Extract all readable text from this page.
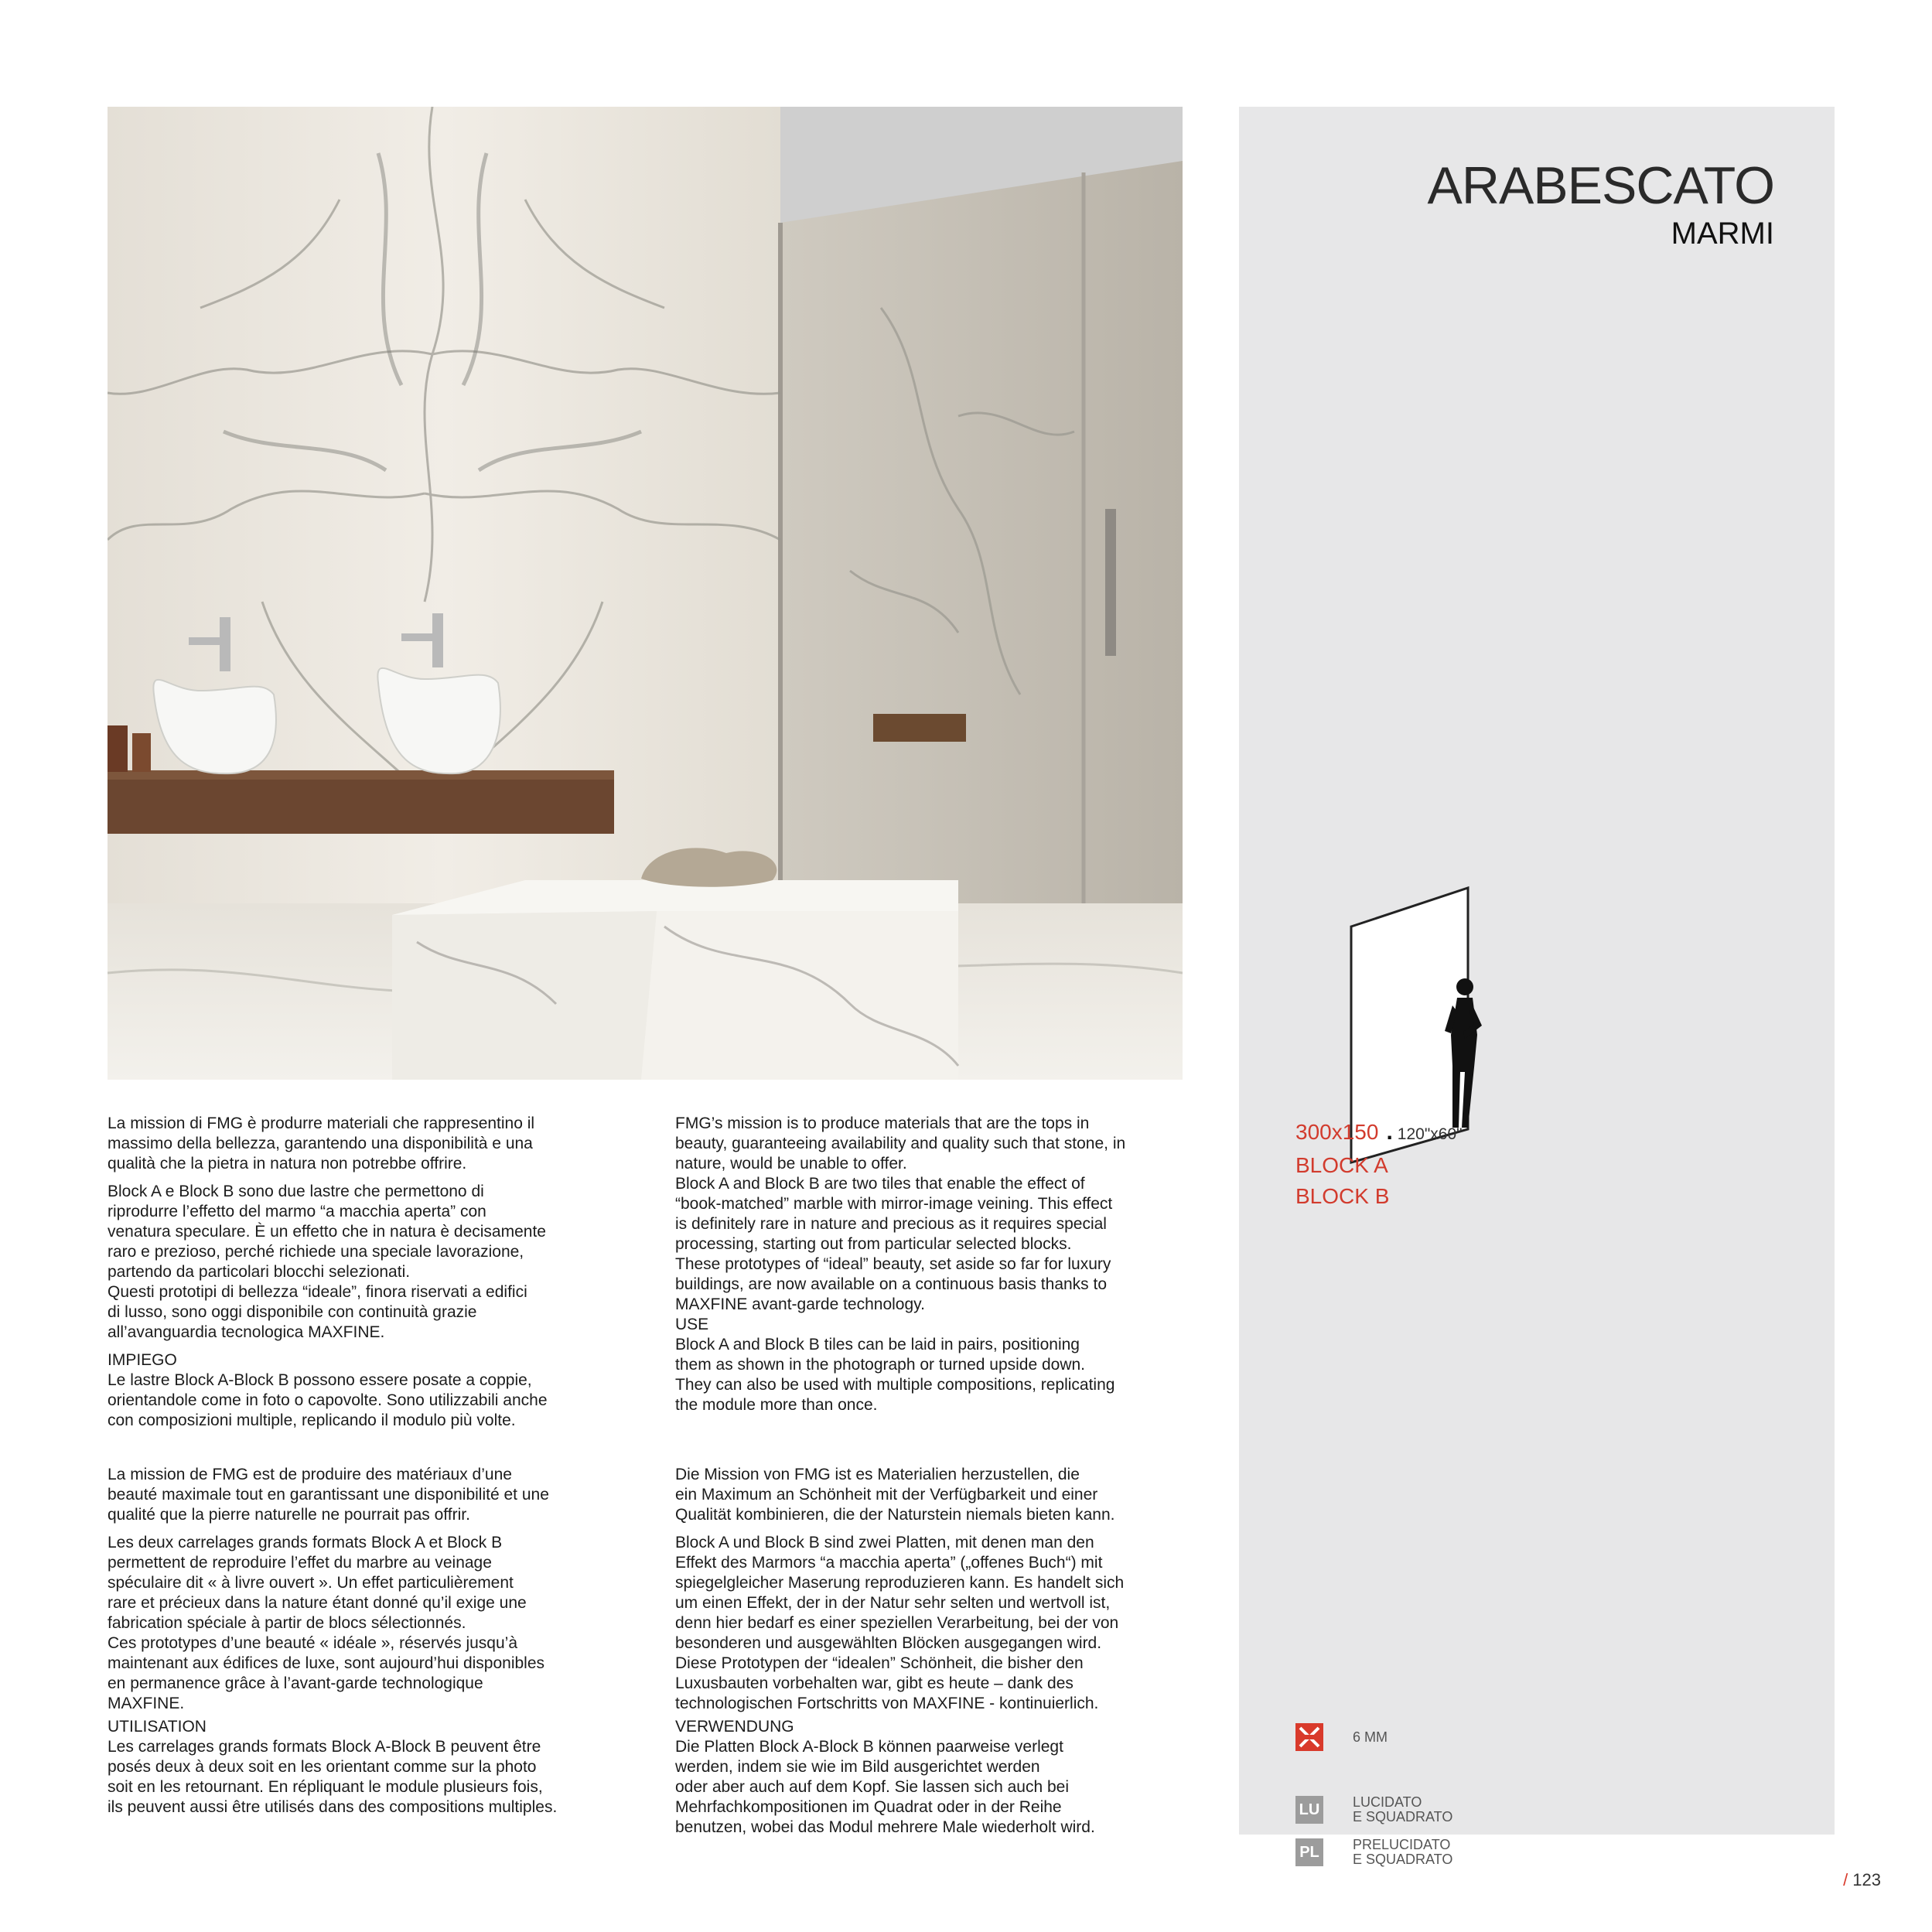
ARABESCATO
MARMI
300x150 . 120"x60"
BLOCK A
BLOCK B
6 MM
LU LUCIDATO
E SQUADRATO
PL PRELUCIDATO
E SQUADRATO

La mission di FMG è produrre materiali che rappresentino il
massimo della bellezza, garantendo una disponibilità e una
qualità che la pietra in natura non potrebbe offrire.

Block A e Block B sono due lastre che permettono di
riprodurre l’effetto del marmo “a macchia aperta” con
venatura speculare. È un effetto che in natura è decisamente
raro e prezioso, perché richiede una speciale lavorazione,
partendo da particolari blocchi selezionati.
Questi prototipi di bellezza “ideale”, finora riservati a edifici
di lusso, sono oggi disponibile con continuità grazie
all’avanguardia tecnologica MAXFINE.

IMPIEGO

Le lastre Block A-Block B possono essere posate a coppie,
orientandole come in foto o capovolte. Sono utilizzabili anche
con composizioni multiple, replicando il modulo più volte.

FMG’s mission is to produce materials that are the tops in
beauty, guaranteeing availability and quality such that stone, in
nature, would be unable to offer.
Block A and Block B are two tiles that enable the effect of
“book-matched” marble with mirror-image veining. This effect
is definitely rare in nature and precious as it requires special
processing, starting out from particular selected blocks.
These prototypes of “ideal” beauty, set aside so far for luxury
buildings, are now available on a continuous basis thanks to
MAXFINE avant-garde technology.

USE

Block A and Block B tiles can be laid in pairs, positioning
them as shown in the photograph or turned upside down.
They can also be used with multiple compositions, replicating
the module more than once.

La mission de FMG est de produire des matériaux d’une
beauté maximale tout en garantissant une disponibilité et une
qualité que la pierre naturelle ne pourrait pas offrir.

Les deux carrelages grands formats Block A et Block B
permettent de reproduire l’effet du marbre au veinage
spéculaire dit « à livre ouvert ». Un effet particulièrement
rare et précieux dans la nature étant donné qu’il exige une
fabrication spéciale à partir de blocs sélectionnés.
Ces prototypes d’une beauté « idéale », réservés jusqu’à
maintenant aux édifices de luxe, sont aujourd’hui disponibles
en permanence grâce à l’avant-garde technologique
MAXFINE.

UTILISATION

Les carrelages grands formats Block A-Block B peuvent être
posés deux à deux soit en les orientant comme sur la photo
soit en les retournant. En répliquant le module plusieurs fois,
ils peuvent aussi être utilisés dans des compositions multiples.

Die Mission von FMG ist es Materialien herzustellen, die
ein Maximum an Schönheit mit der Verfügbarkeit und einer
Qualität kombinieren, die der Naturstein niemals bieten kann.

Block A und Block B sind zwei Platten, mit denen man den
Effekt des Marmors “a macchia aperta” („offenes Buch“) mit
spiegelgleicher Maserung reproduzieren kann. Es handelt sich
um einen Effekt, der in der Natur sehr selten und wertvoll ist,
denn hier bedarf es einer speziellen Verarbeitung, bei der von
besonderen und ausgewählten Blöcken ausgegangen wird.
Diese Prototypen der “idealen” Schönheit, die bisher den
Luxusbauten vorbehalten war, gibt es heute – dank des
technologischen Fortschritts von MAXFINE - kontinuierlich.

VERWENDUNG

Die Platten Block A-Block B können paarweise verlegt
werden, indem sie wie im Bild ausgerichtet werden
oder aber auch auf dem Kopf. Sie lassen sich auch bei
Mehrfachkompositionen im Quadrat oder in der Reihe
benutzen, wobei das Modul mehrere Male wiederholt wird.

/ 123
